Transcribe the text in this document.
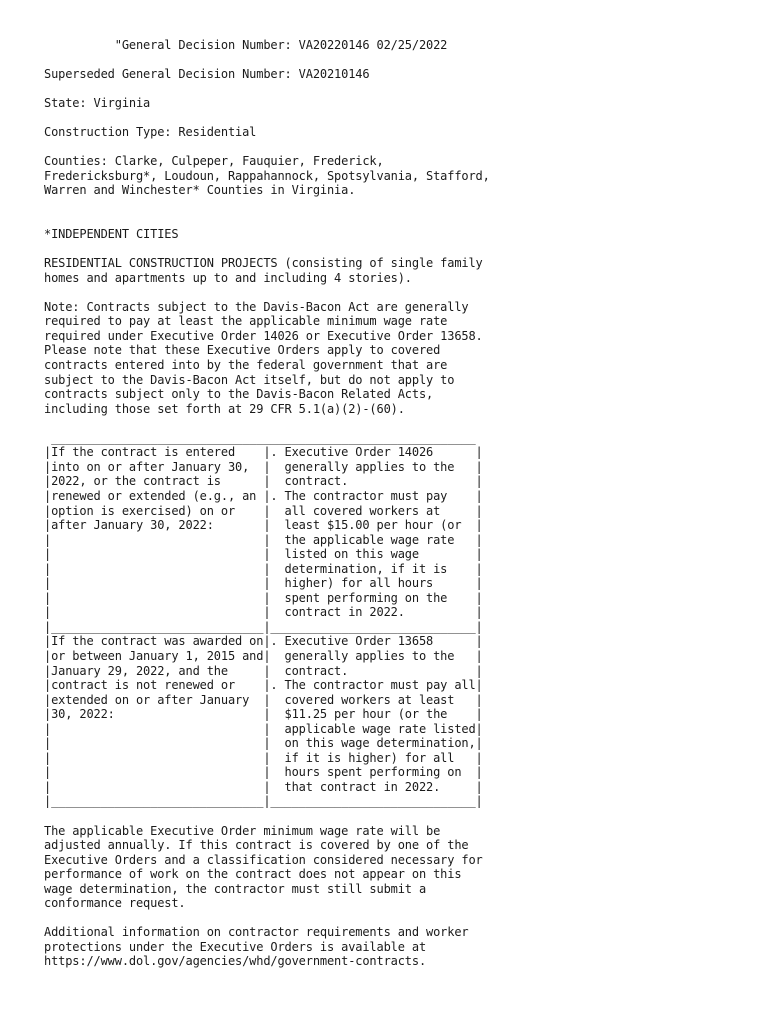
"General Decision Number: VA20220146 02/25/2022

Superseded General Decision Number: VA20210146

State: Virginia

Construction Type: Residential

Counties: Clarke, Culpeper, Fauquier, Frederick,
Fredericksburg*, Loudoun, Rappahannock, Spotsylvania, Stafford,
Warren and Winchester* Counties in Virginia.

*INDEPENDENT CITIES

RESIDENTIAL CONSTRUCTION PROJECTS (consisting of single family
homes and apartments up to and including 4 stories).

Note: Contracts subject to the Davis-Bacon Act are generally
required to pay at least the applicable minimum wage rate
required under Executive Order 14026 or Executive Order 13658.
Please note that these Executive Orders apply to covered
contracts entered into by the federal government that are
subject to the Davis-Bacon Act itself, but do not apply to
contracts subject only to the Davis-Bacon Related Acts,
including those set forth at 29 CFR 5.1(a)(2)-(60).

____________________________________________________________
|If the contract is entered    |. Executive Order 14026      |
|into on or after January 30,  |  generally applies to the   |
|2022, or the contract is      |  contract.                  |
|renewed or extended (e.g., an |. The contractor must pay    |
|option is exercised) on or    |  all covered workers at     |
|after January 30, 2022:       |  least $15.00 per hour (or  |
|                              |  the applicable wage rate   |
|                              |  listed on this wage        |
|                              |  determination, if it is    |
|                              |  higher) for all hours      |
|                              |  spent performing on the    |
|                              |  contract in 2022.          |
|______________________________|_____________________________|
|If the contract was awarded on|. Executive Order 13658      |
|or between January 1, 2015 and|  generally applies to the   |
|January 29, 2022, and the     |  contract.                  |
|contract is not renewed or    |. The contractor must pay all|
|extended on or after January  |  covered workers at least   |
|30, 2022:                     |  $11.25 per hour (or the    |
|                              |  applicable wage rate listed|
|                              |  on this wage determination,|
|                              |  if it is higher) for all   |
|                              |  hours spent performing on  |
|                              |  that contract in 2022.     |
|______________________________|_____________________________|

The applicable Executive Order minimum wage rate will be
adjusted annually. If this contract is covered by one of the
Executive Orders and a classification considered necessary for
performance of work on the contract does not appear on this
wage determination, the contractor must still submit a
conformance request.

Additional information on contractor requirements and worker
protections under the Executive Orders is available at
https://www.dol.gov/agencies/whd/government-contracts.
